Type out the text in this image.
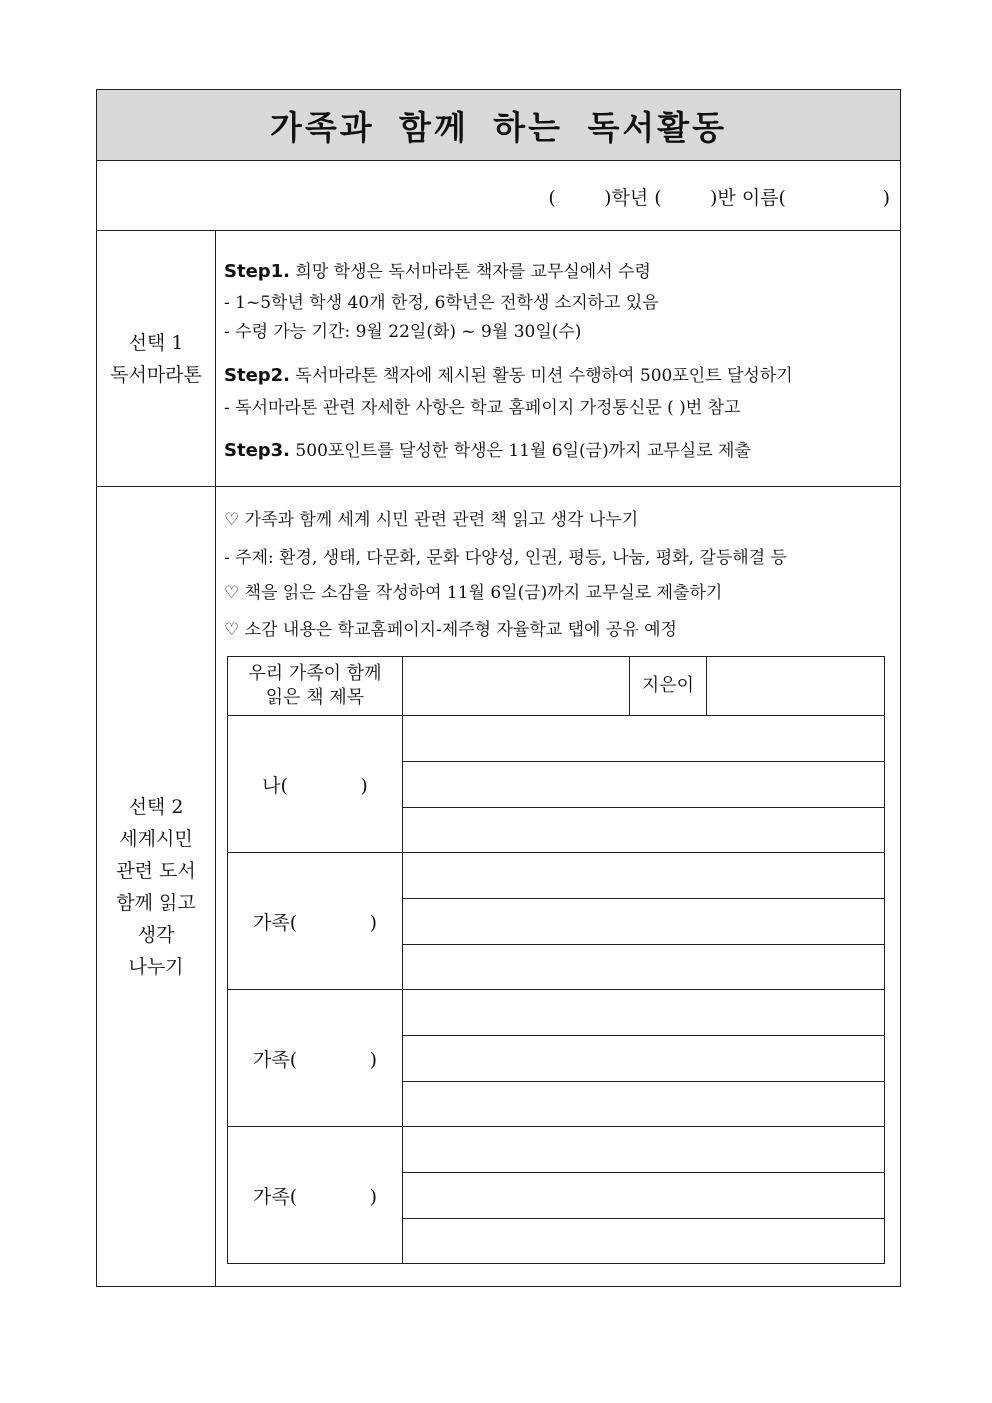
가족과 함께 하는 독서활동
(        )학년 (        )반 이름(                )
선택 1
독서마라톤
Step1. 희망 학생은 독서마라톤 책자를 교무실에서 수령
- 1~5학년 학생 40개 한정, 6학년은 전학생 소지하고 있음
- 수령 가능 기간: 9월 22일(화) ~ 9월 30일(수)
Step2. 독서마라톤 책자에 제시된 활동 미션 수행하여 500포인트 달성하기
- 독서마라톤 관련 자세한 사항은 학교 홈페이지 가정통신문 ( )번 참고
Step3. 500포인트를 달성한 학생은 11월 6일(금)까지 교무실로 제출
선택 2
세계시민
관련 도서
함께 읽고
생각
나누기
♡ 가족과 함께 세계 시민 관련 관련 책 읽고 생각 나누기
- 주제: 환경, 생태, 다문화, 문화 다양성, 인권, 평등, 나눔, 평화, 갈등해결 등
♡ 책을 읽은 소감을 작성하여 11월 6일(금)까지 교무실로 제출하기
♡ 소감 내용은 학교홈페이지-제주형 자율학교 탭에 공유 예정
우리 가족이 함께
읽은 책 제목
지은이
나(            )
가족(            )
가족(            )
가족(            )
